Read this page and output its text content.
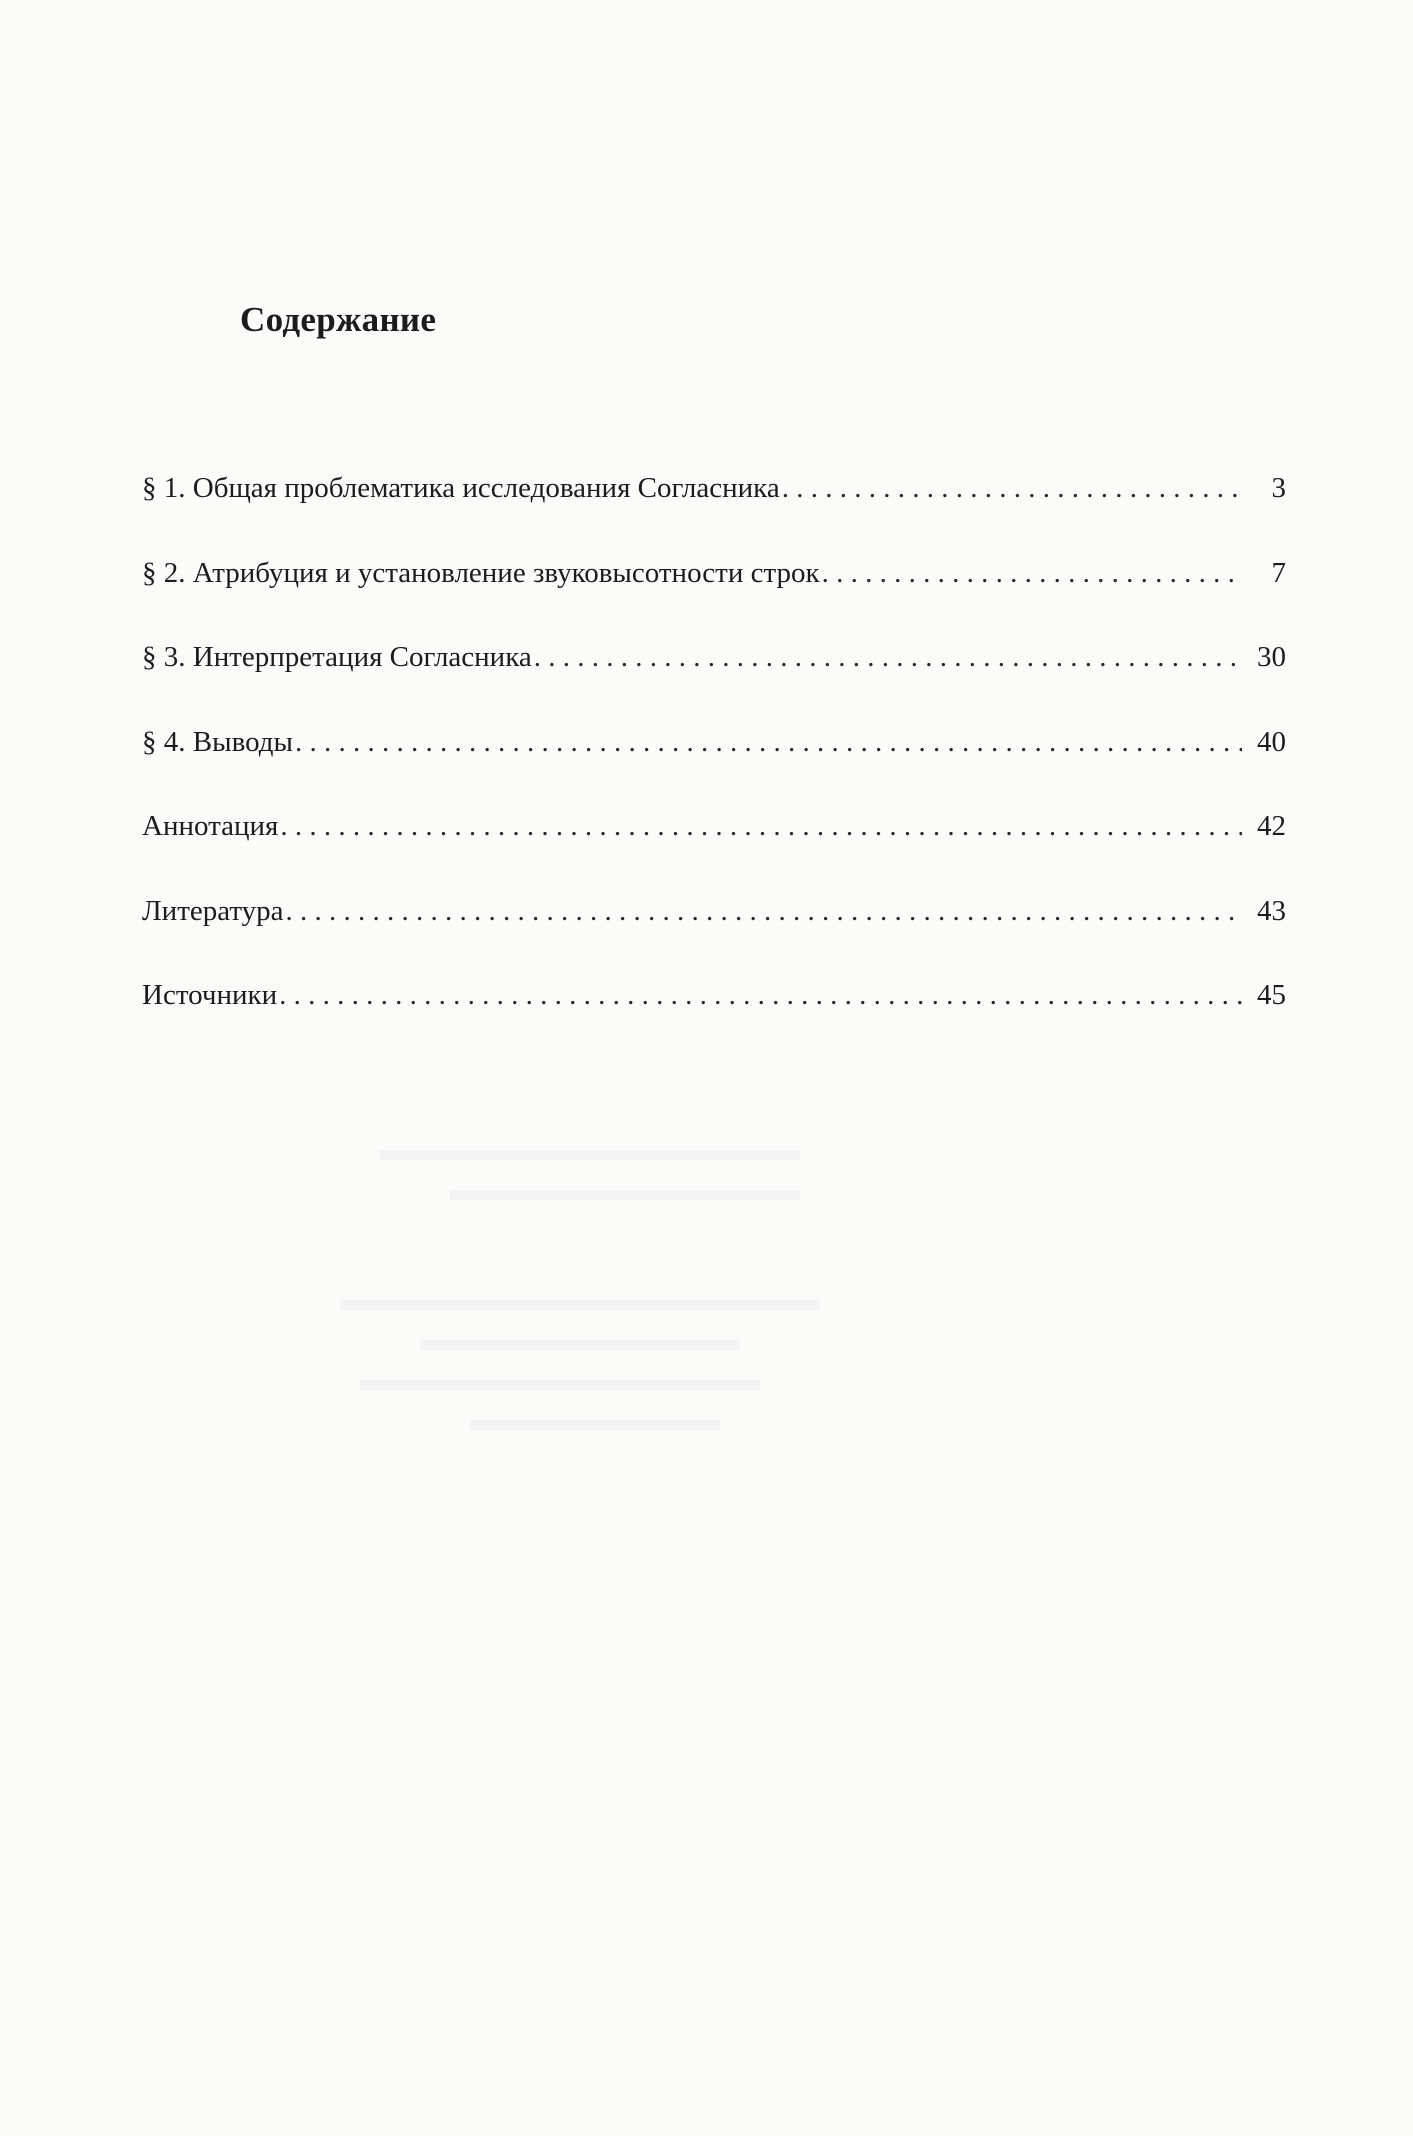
Содержание
§ 1. Общая проблематика исследования Согласника . . .	3
§ 2. Атрибуция и установление звуковысотности строк . . .	7
§ 3. Интерпретация Согласника . . .	30
§ 4. Выводы . . .	40
Аннотация . . .	42
Литература . . .	43
Источники . . .	45
